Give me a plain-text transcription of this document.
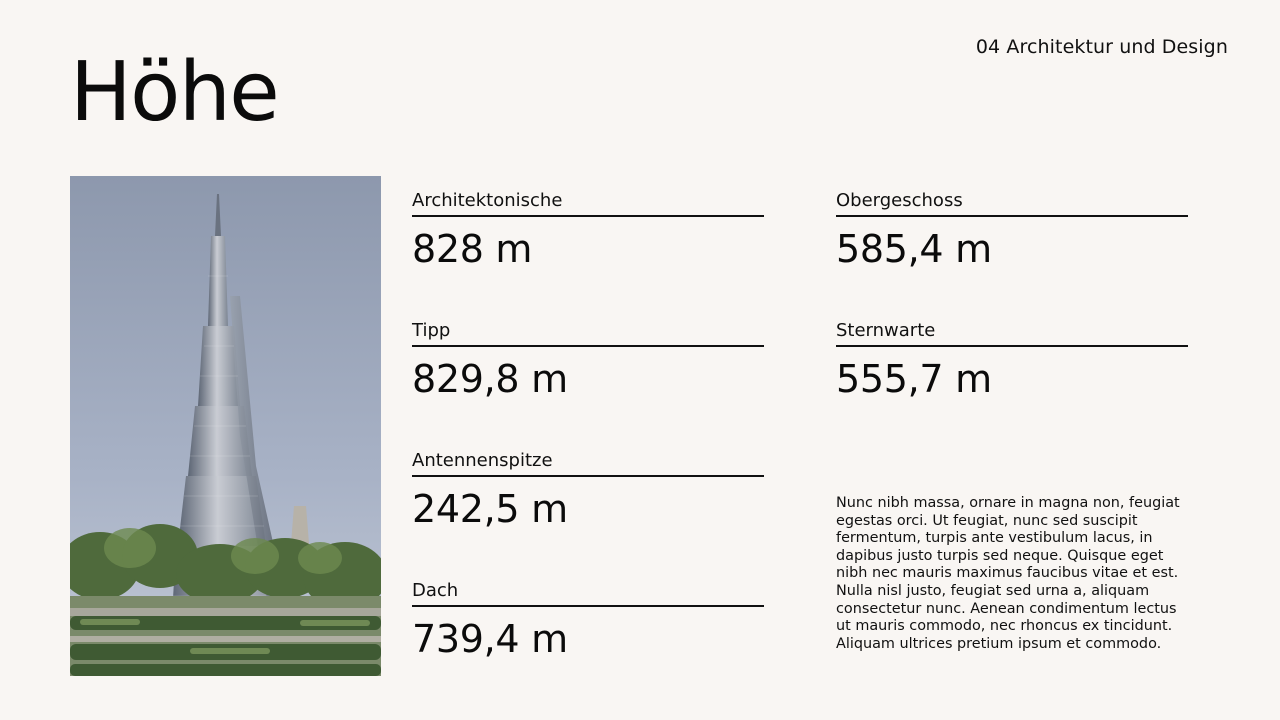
04 Architektur und Design
Höhe
Architektonische
828 m
Tipp
829,8 m
Antennenspitze
242,5 m
Dach
739,4 m
Obergeschoss
585,4 m
Sternwarte
555,7 m

Nunc nibh massa, ornare in magna non, feugiat egestas orci. Ut feugiat, nunc sed suscipit fermentum, turpis ante vestibulum lacus, in dapibus justo turpis sed neque. Quisque eget nibh nec mauris maximus faucibus vitae et est. Nulla nisl justo, feugiat sed urna a, aliquam consectetur nunc. Aenean condimentum lectus ut mauris commodo, nec rhoncus ex tincidunt. Aliquam ultrices pretium ipsum et commodo.
